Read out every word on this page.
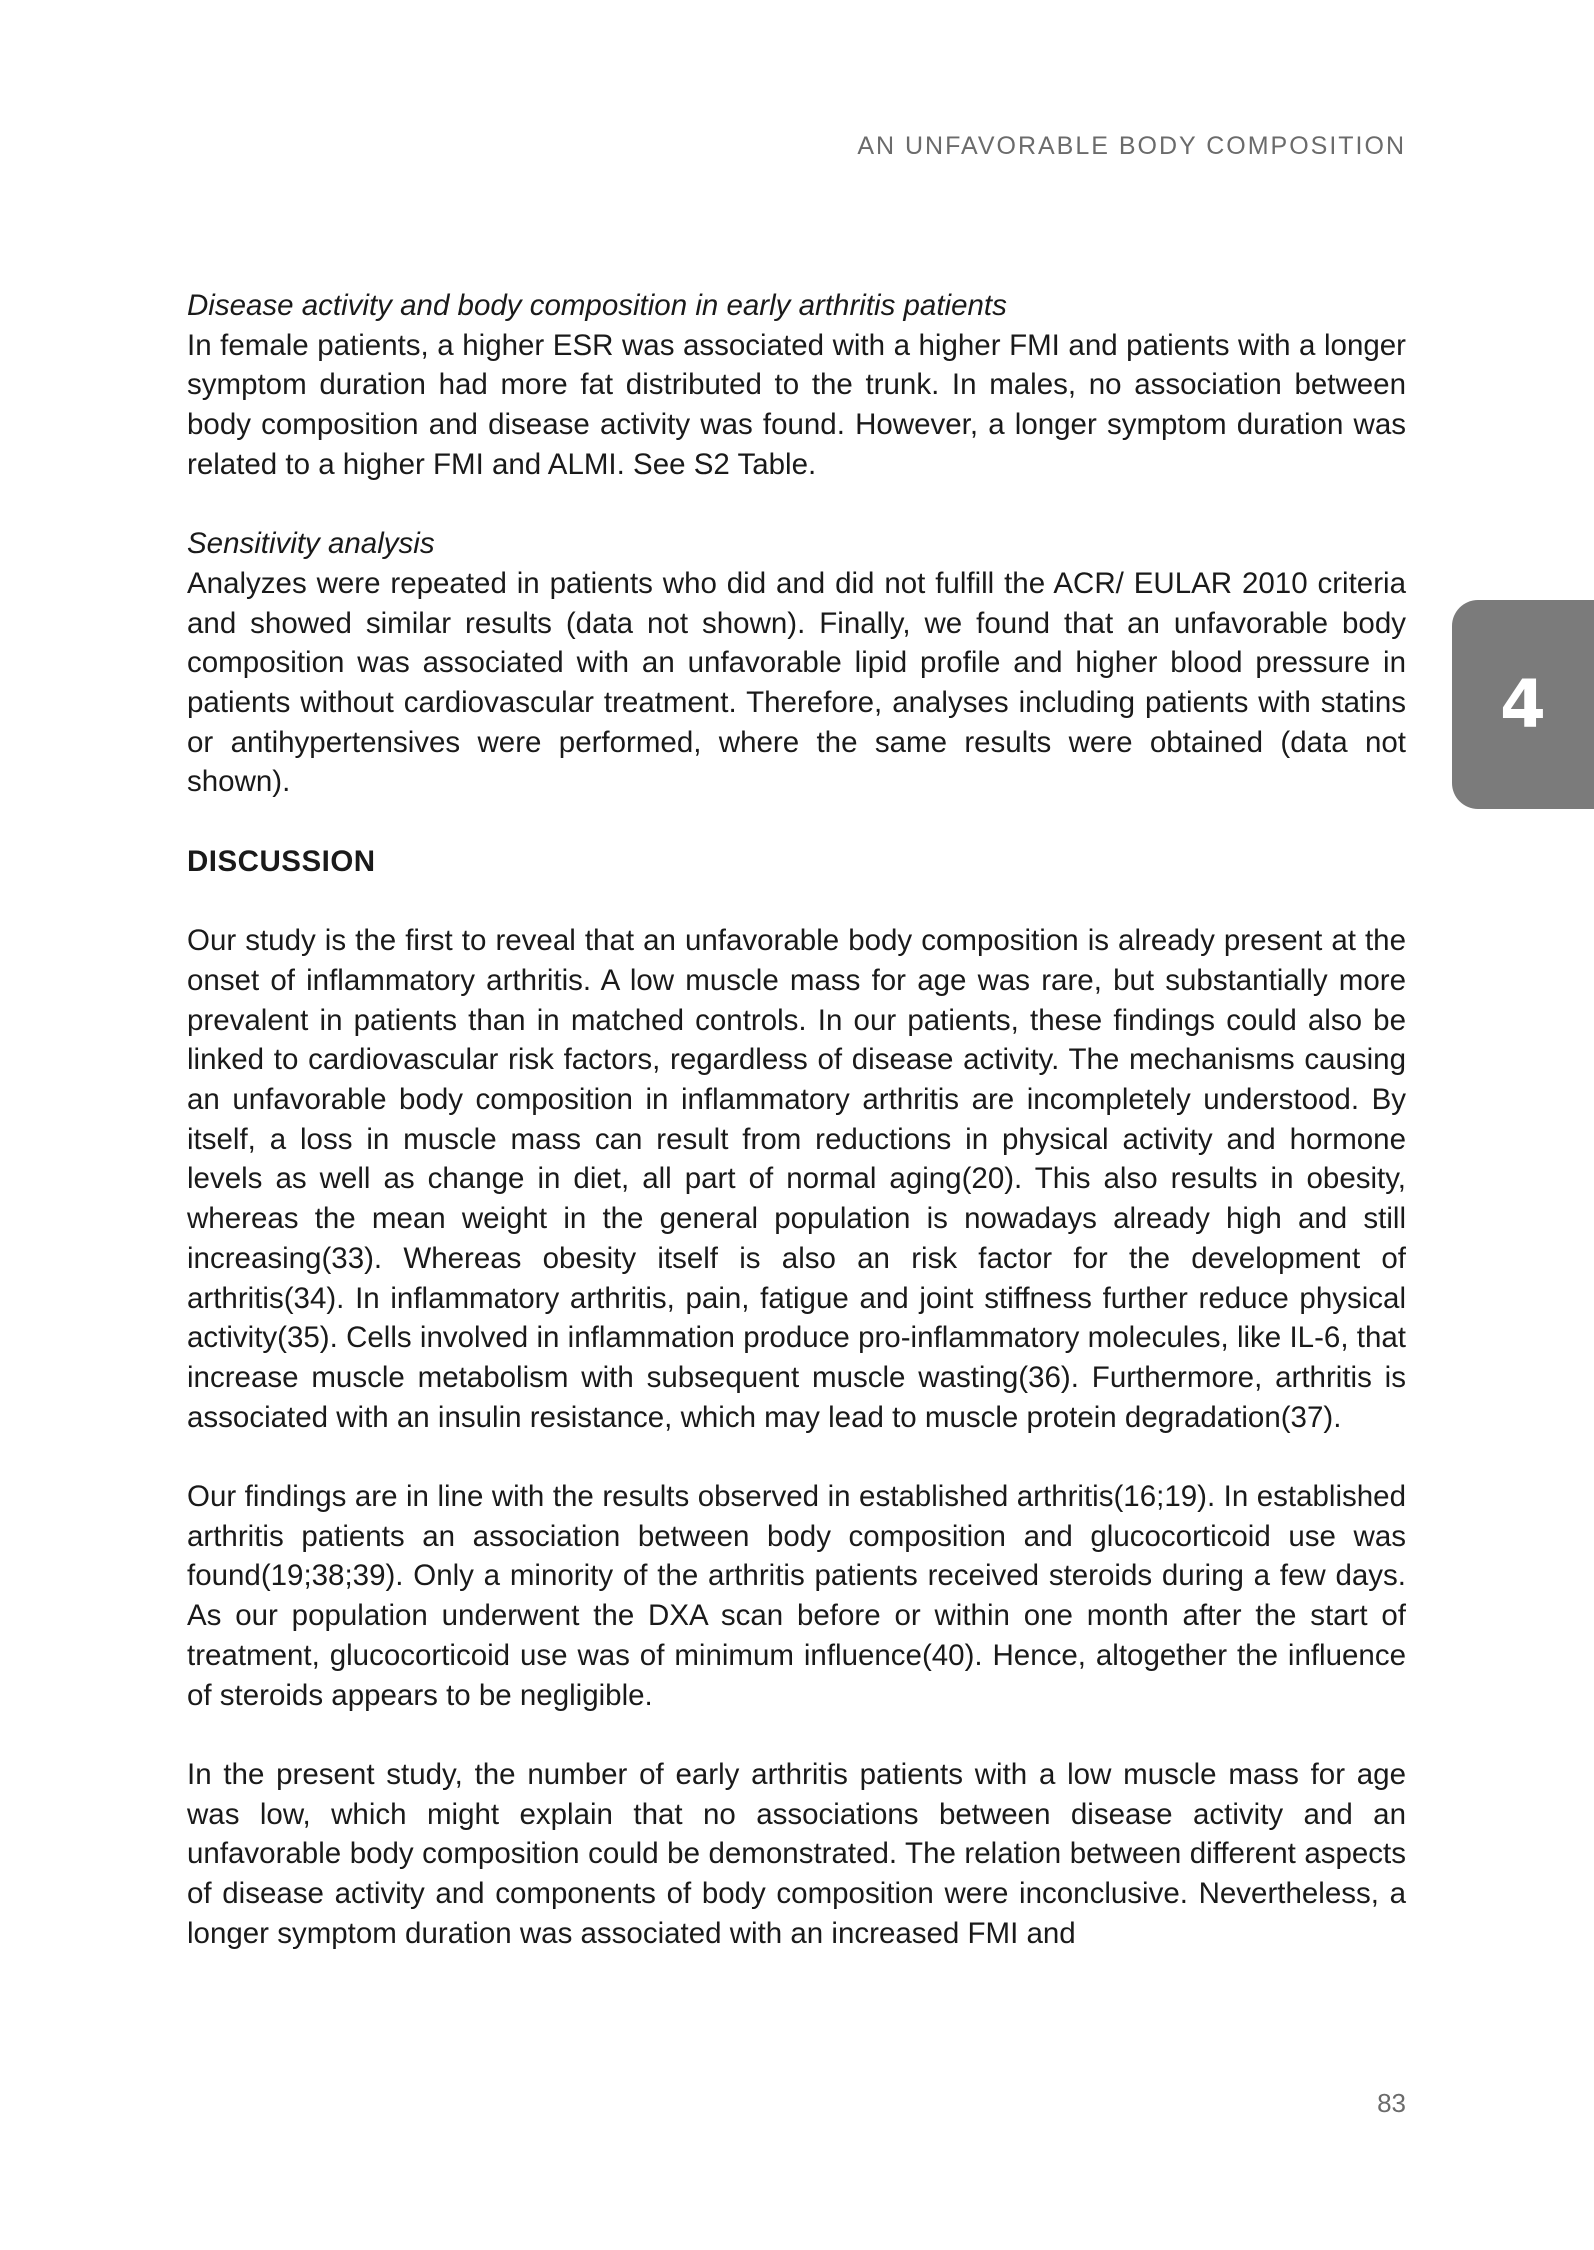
AN UNFAVORABLE BODY COMPOSITION
4

Disease activity and body composition in early arthritis patients

In female patients, a higher ESR was associated with a higher FMI and patients with a longer symptom duration had more fat distributed to the trunk. In males, no association between body composition and disease activity was found. However, a longer symptom duration was related to a higher FMI and ALMI. See S2 Table.

Sensitivity analysis

Analyzes were repeated in patients who did and did not fulfill the ACR/ EULAR 2010 criteria and showed similar results (data not shown). Finally, we found that an unfavorable body composition was associated with an unfavorable lipid profile and higher blood pressure in patients without cardiovascular treatment. Therefore, analyses including patients with statins or antihypertensives were performed, where the same results were obtained (data not shown).

DISCUSSION

Our study is the first to reveal that an unfavorable body composition is already present at the onset of inflammatory arthritis. A low muscle mass for age was rare, but substantially more prevalent in patients than in matched controls. In our patients, these findings could also be linked to cardiovascular risk factors, regardless of disease activity. The mechanisms causing an unfavorable body composition in inflammatory arthritis are incompletely understood. By itself, a loss in muscle mass can result from reductions in physical activity and hormone levels as well as change in diet, all part of normal aging(20). This also results in obesity, whereas the mean weight in the general population is nowadays already high and still increasing(33). Whereas obesity itself is also an risk factor for the development of arthritis(34). In inflammatory arthritis, pain, fatigue and joint stiffness further reduce physical activity(35). Cells involved in inflammation produce pro-inflammatory molecules, like IL-6, that increase muscle metabolism with subsequent muscle wasting(36). Furthermore, arthritis is associated with an insulin resistance, which may lead to muscle protein degradation(37).

Our findings are in line with the results observed in established arthritis(16;19). In established arthritis patients an association between body composition and glucocorticoid use was found(19;38;39). Only a minority of the arthritis patients received steroids during a few days. As our population underwent the DXA scan before or within one month after the start of treatment, glucocorticoid use was of minimum influence(40). Hence, altogether the influence of steroids appears to be negligible.

In the present study, the number of early arthritis patients with a low muscle mass for age was low, which might explain that no associations between disease activity and an unfavorable body composition could be demonstrated. The relation between different aspects of disease activity and components of body composition were inconclusive. Nevertheless, a longer symptom duration was associated with an increased FMI and

83
